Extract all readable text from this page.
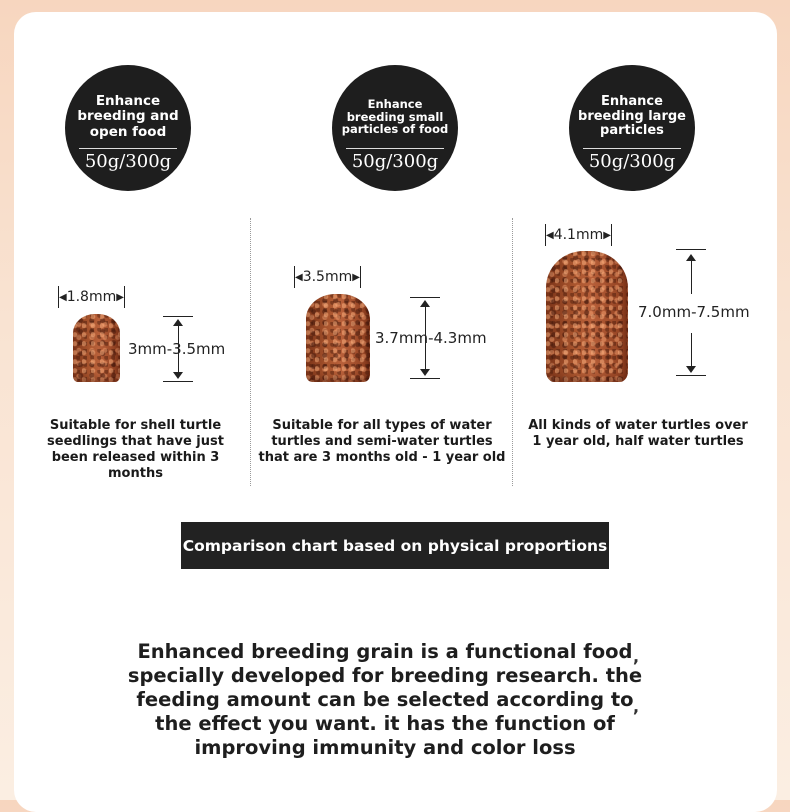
Enhance breeding and open food
50g/300g
Enhance breeding small particles of food
50g/300g
Enhance breeding large particles
50g/300g
◀ 1.8mm ▶
3mm-3.5mm
Suitable for shell turtle seedlings that have just been released within 3 months
◀ 3.5mm ▶
3.7mm-4.3mm
Suitable for all types of water turtles and semi-water turtles that are 3 months old - 1 year old
◀ 4.1mm ▶
7.0mm-7.5mm
All kinds of water turtles over 1 year old, half water turtles
Comparison chart based on physical proportions
Enhanced breeding grain is a functional food specially developed for breeding research. the feeding amount can be selected according to the effect you want. it has the function of improving immunity and color loss
,
,
